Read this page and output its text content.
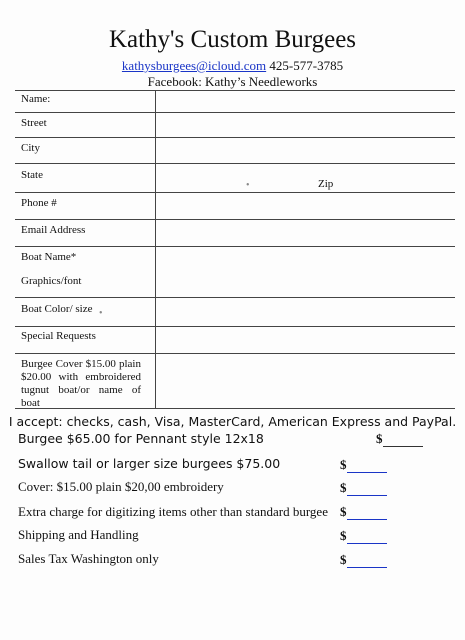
Kathy's Custom Burgees
kathysburgees@icloud.com 425-577-3785
Facebook: Kathy’s Needleworks
Name:
Street
City
State
Zip
•
Phone #
Email Address
Boat Name*
Graphics/font
Boat Color/ size •
Special Requests
Burgee Cover $15.00 plain $20.00 with embroidered tugnut boat/or name of boat
I accept: checks, cash, Visa, MasterCard, American Express and PayPal.
Burgee $65.00 for Pennant style 12x18	$
Swallow tail or larger size burgees $75.00	$
Cover: $15.00 plain $20,00 embroidery	$
Extra charge for digitizing items other than standard burgee $
Shipping and Handling	$
Sales Tax Washington only	$
